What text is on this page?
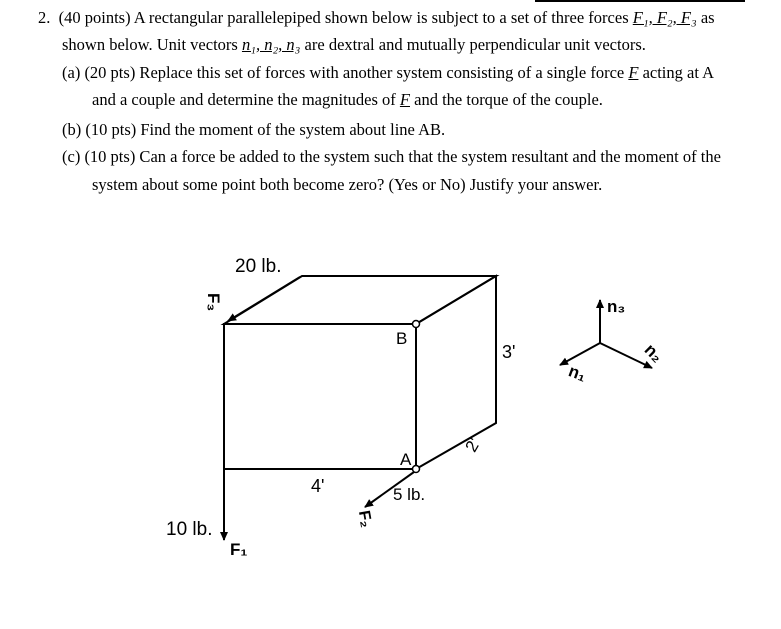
2. (40 points) A rectangular parallelepiped shown below is subject to a set of three forces F₁, F₂, F₃ as
shown below. Unit vectors n₁, n₂, n₃ are dextral and mutually perpendicular unit vectors.
(a) (20 pts) Replace this set of forces with another system consisting of a single force F acting at A
and a couple and determine the magnitudes of F and the torque of the couple.
(b) (10 pts) Find the moment of the system about line AB.
(c) (10 pts) Can a force be added to the system such that the system resultant and the moment of the
system about some point both become zero? (Yes or No) Justify your answer.
20 lb.
F₃
10 lb.
F₁
5 lb.
F₂
B
A
4'
2'
3'
n₃
n₂
n₁
